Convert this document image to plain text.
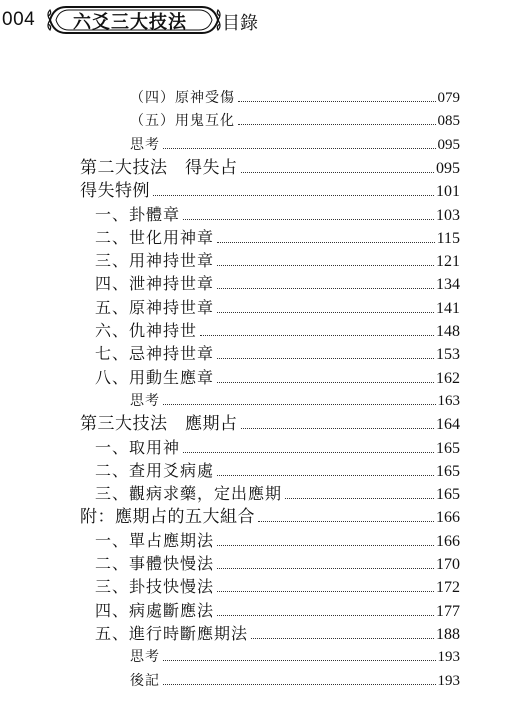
004 六爻三大技法 目錄
（四）原神受傷	079
（五）用鬼互化	085
思考	095
第二大技法　得失占	095
得失特例	101
一、卦體章	103
二、世化用神章	115
三、用神持世章	121
四、泄神持世章	134
五、原神持世章	141
六、仇神持世	148
七、忌神持世章	153
八、用動生應章	162
思考	163
第三大技法　應期占	164
一、取用神	165
二、查用爻病處	165
三、觀病求藥，定出應期	165
附：應期占的五大組合	166
一、單占應期法	166
二、事體快慢法	170
三、卦技快慢法	172
四、病處斷應法	177
五、進行時斷應期法	188
思考	193
後記	193
